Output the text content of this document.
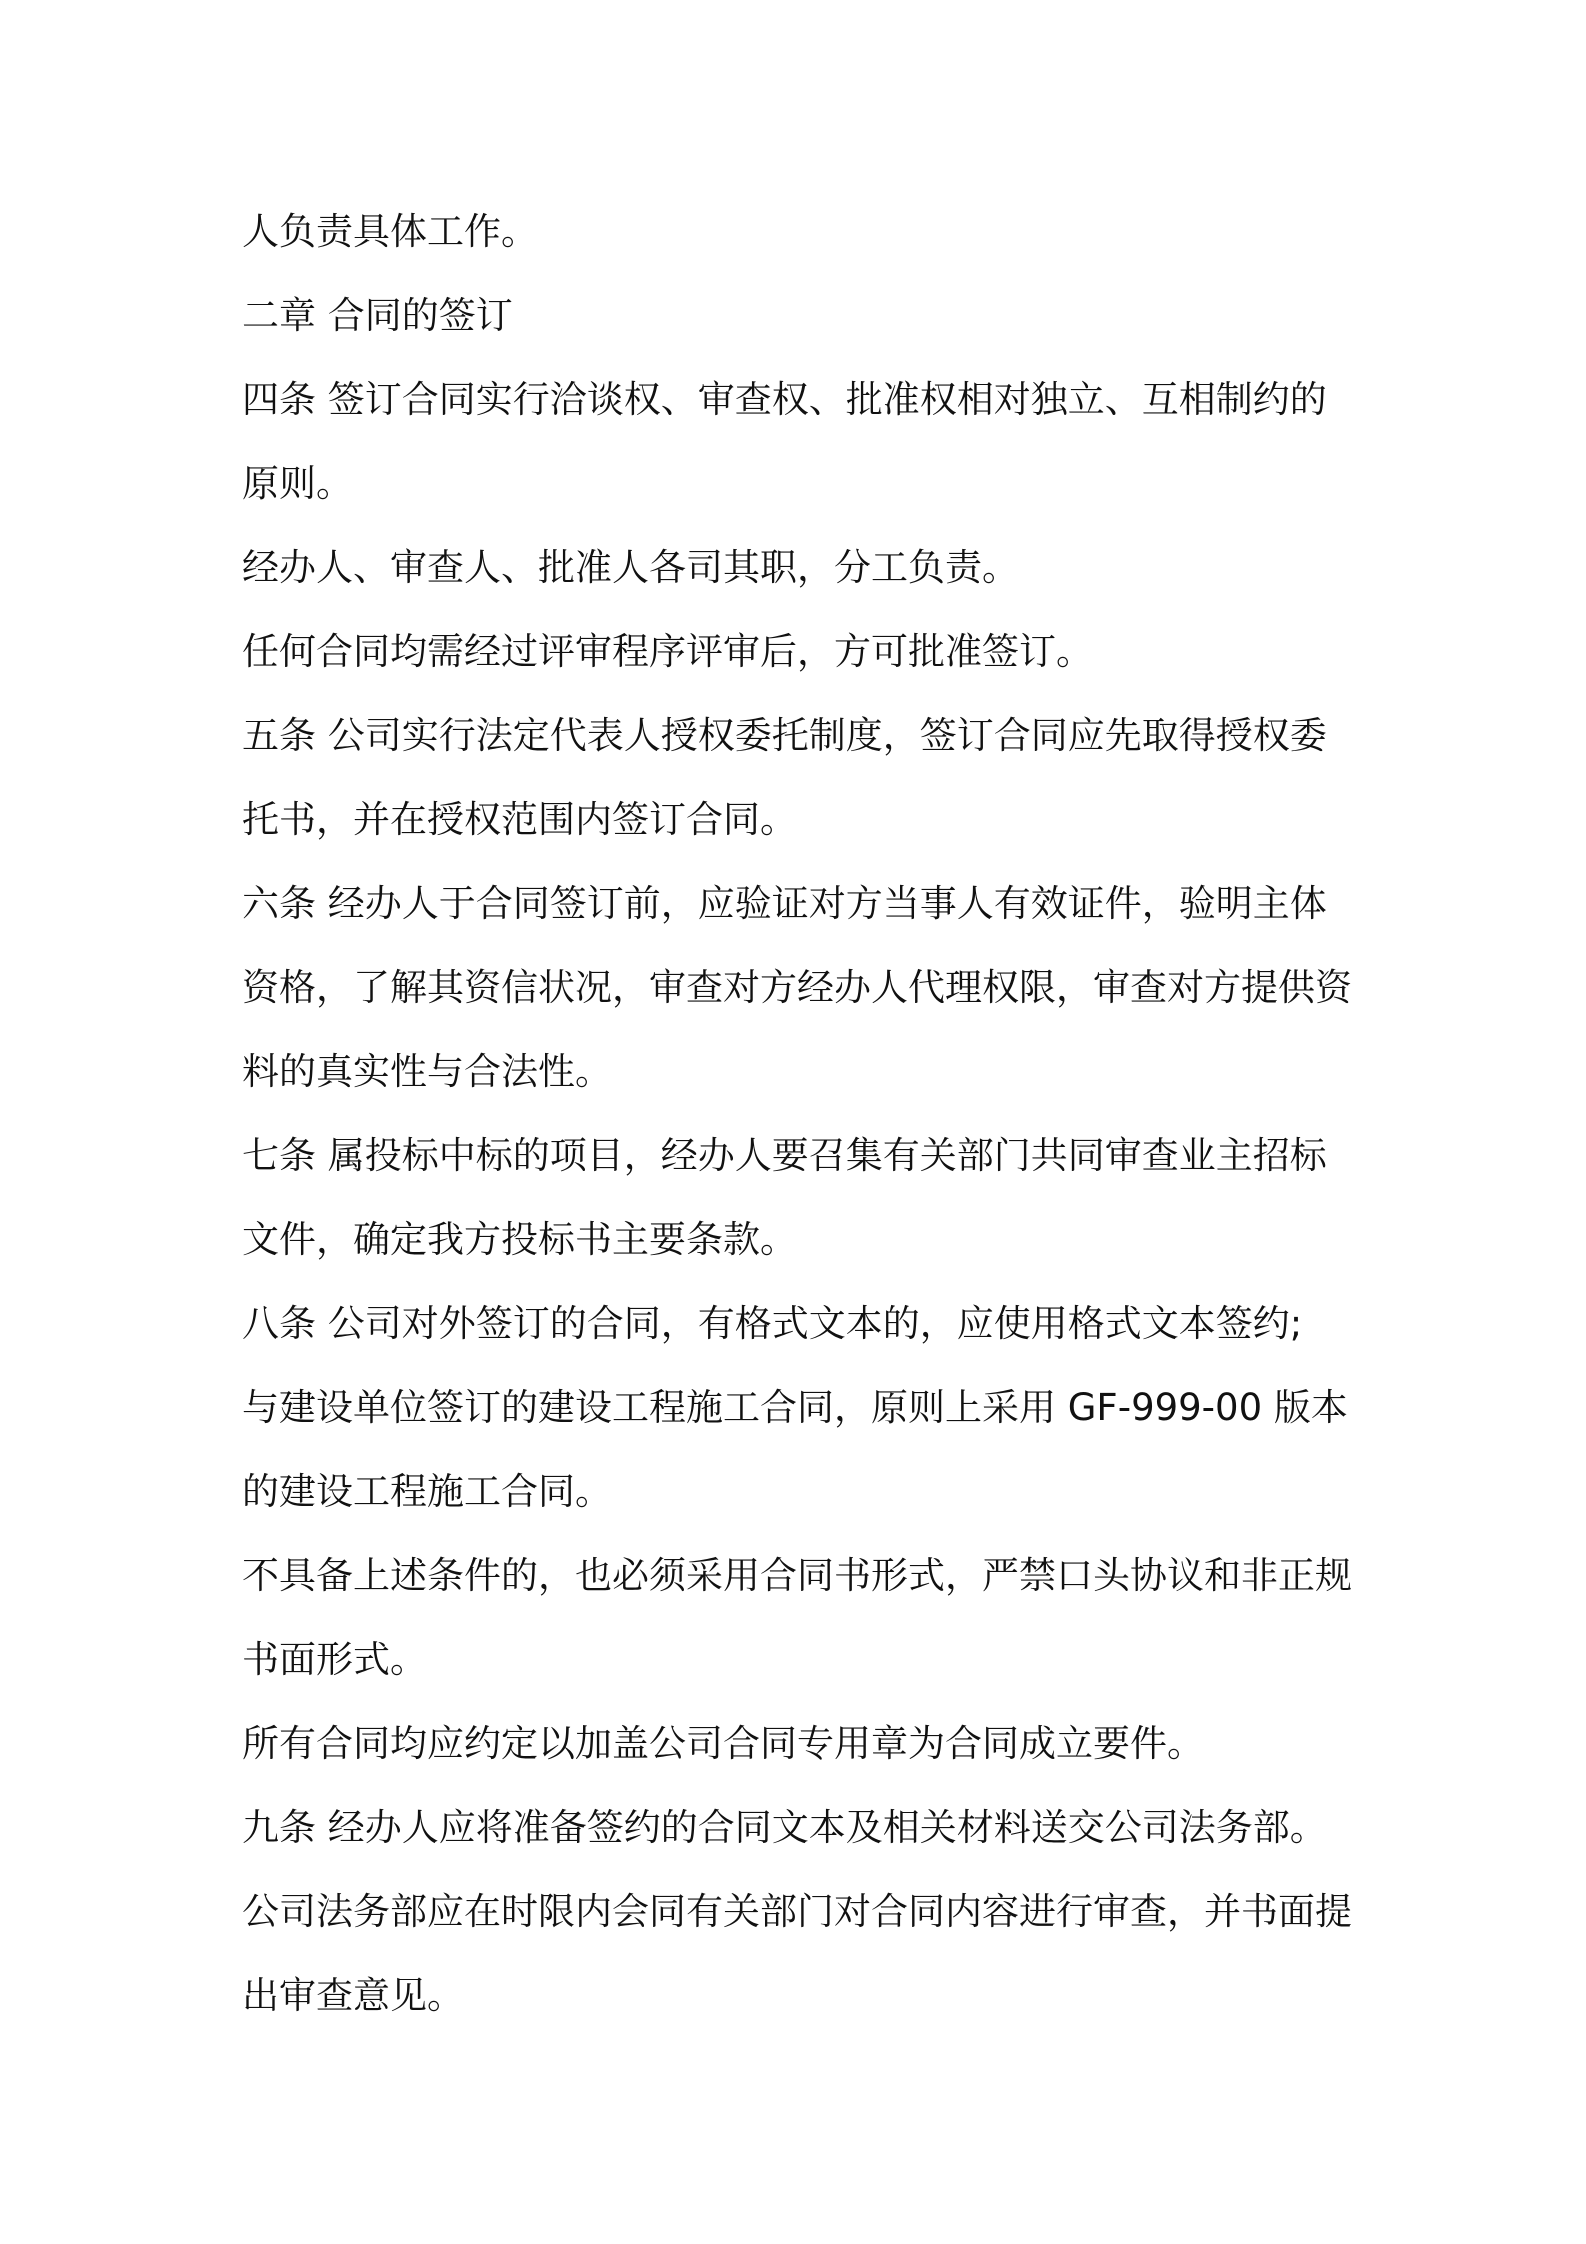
人负责具体工作。
二章 合同的签订
四条 签订合同实行洽谈权、审查权、批准权相对独立、互相制约的
原则。
经办人、审查人、批准人各司其职，分工负责。
任何合同均需经过评审程序评审后，方可批准签订。
五条 公司实行法定代表人授权委托制度，签订合同应先取得授权委
托书，并在授权范围内签订合同。
六条 经办人于合同签订前，应验证对方当事人有效证件，验明主体
资格，了解其资信状况，审查对方经办人代理权限，审查对方提供资
料的真实性与合法性。
七条 属投标中标的项目，经办人要召集有关部门共同审查业主招标
文件，确定我方投标书主要条款。
八条 公司对外签订的合同，有格式文本的，应使用格式文本签约;
与建设单位签订的建设工程施工合同，原则上采用 GF-999-00 版本
的建设工程施工合同。
不具备上述条件的，也必须采用合同书形式，严禁口头协议和非正规
书面形式。
所有合同均应约定以加盖公司合同专用章为合同成立要件。
九条 经办人应将准备签约的合同文本及相关材料送交公司法务部。
公司法务部应在时限内会同有关部门对合同内容进行审查，并书面提
出审查意见。
